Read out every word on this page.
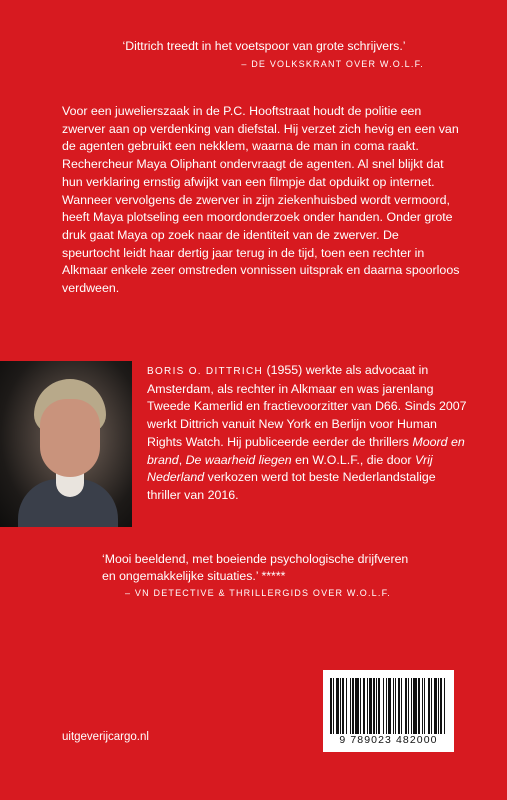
‘Dittrich treedt in het voetspoor van grote schrijvers.’
– DE VOLKSKRANT OVER W.O.L.F.

Voor een juwelierszaak in de P.C. Hooftstraat houdt de politie een zwerver aan op verdenking van diefstal. Hij verzet zich hevig en een van de agenten gebruikt een nekklem, waarna de man in coma raakt. Rechercheur Maya Oliphant ondervraagt de agenten. Al snel blijkt dat hun verklaring ernstig afwijkt van een filmpje dat opduikt op internet.

Wanneer vervolgens de zwerver in zijn ziekenhuisbed wordt vermoord, heeft Maya plotseling een moordonderzoek onder handen. Onder grote druk gaat Maya op zoek naar de identiteit van de zwerver. De speurtocht leidt haar dertig jaar terug in de tijd, toen een rechter in Alkmaar enkele zeer omstreden vonnissen uitsprak en daarna spoorloos verdween.

BORIS O. DITTRICH (1955) werkte als advocaat in Amsterdam, als rechter in Alkmaar en was jarenlang Tweede Kamerlid en fractievoorzitter van D66. Sinds 2007 werkt Dittrich vanuit New York en Berlijn voor Human Rights Watch. Hij publiceerde eerder de thrillers Moord en brand, De waarheid liegen en W.O.L.F., die door Vrij Nederland verkozen werd tot beste Nederlandstalige thriller van 2016.
‘Mooi beeldend, met boeiende psychologische drijfveren en ongemakkelijke situaties.’ *****
– VN DETECTIVE & THRILLERGIDS OVER W.O.L.F.
9 789023 482000
uitgeverijcargo.nl
